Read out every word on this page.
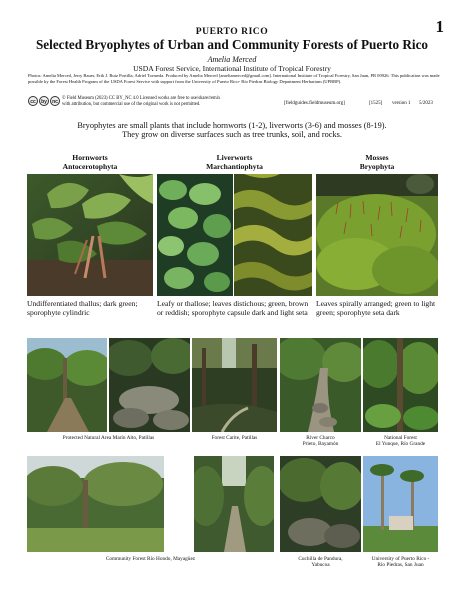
PUERTO RICO	1
Selected Bryophytes of Urban and Community Forests of Puerto Rico
Amelia Merced
USDA Forest Service, International Institute of Tropical Forestry
Photos: Amelia Merced, Jerry Bauer, Erik J. Ruiz Portilla, Adriel Tormeda. Produced by Amelia Merced [ameliamerced@gmail.com]. International Institute of Tropical Forestry, San Juan, PR 00926. This publication was made possible by the Forest Health Program of the USDA Forest Service with support from the University of Puerto Rico- Río Piedras Biology Department Herbarium (UPRRP).
cc	by	nc
© Field Museum (2023) CC BY_NC 4.0 Licensed works are free to use/share/remix
with attribution, but commercial use of the original work is not permitted.	[fieldguides.fieldmuseum.org]	[1525] version 1 5/2023
Bryophytes are small plants that include hornworts (1-2), liverworts (3-6) and mosses (8-19).
They grow on diverse surfaces such as tree trunks, soil, and rocks.
Hornworts
Antocerotophyta
Liverworts
Marchantiophyta
Mosses
Bryophyta
Undifferentiated thallus; dark green; sporophyte cylindric
Leafy or thallose; leaves distichous; green, brown or reddish; sporophyte capsule dark and light seta
Leaves spirally arranged; green to light green; sporophyte seta dark
Protected Natural Area Marín Alto, Patillas	Forest Carite, Patillas	River Charco
Prieto, Bayamón
National Forest
El Yunque, Río Grande
Community Forest Río Hondo, Mayagüez	Cuchilla de Pandura,
Yabucoa
University of Puerto Rico -
Río Piedras, San Juan
